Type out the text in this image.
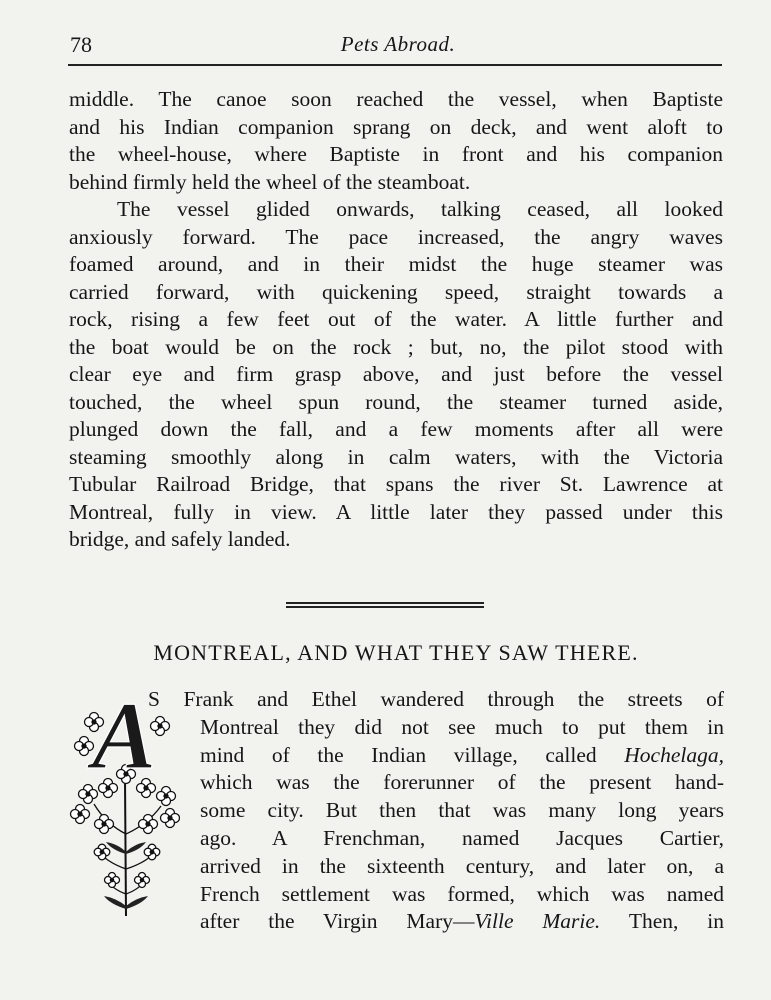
78	Pets Abroad.
middle. The canoe soon reached the vessel, when Baptiste
and his Indian companion sprang on deck, and went aloft to
the wheel-house, where Baptiste in front and his companion
behind firmly held the wheel of the steamboat.
The vessel glided onwards, talking ceased, all looked
anxiously forward. The pace increased, the angry waves
foamed around, and in their midst the huge steamer was
carried forward, with quickening speed, straight towards a
rock, rising a few feet out of the water. A little further and
the boat would be on the rock ; but, no, the pilot stood with
clear eye and firm grasp above, and just before the vessel
touched, the wheel spun round, the steamer turned aside,
plunged down the fall, and a few moments after all were
steaming smoothly along in calm waters, with the Victoria
Tubular Railroad Bridge, that spans the river St. Lawrence at
Montreal, fully in view. A little later they passed under this
bridge, and safely landed.
MONTREAL, AND WHAT THEY SAW THERE.
A
S Frank and Ethel wandered through the streets of
Montreal they did not see much to put them in
mind of the Indian village, called Hochelaga,
which was the forerunner of the present hand-
some city. But then that was many long years
ago. A Frenchman, named Jacques Cartier,
arrived in the sixteenth century, and later on, a
French settlement was formed, which was named
after the Virgin Mary—Ville Marie. Then, in
